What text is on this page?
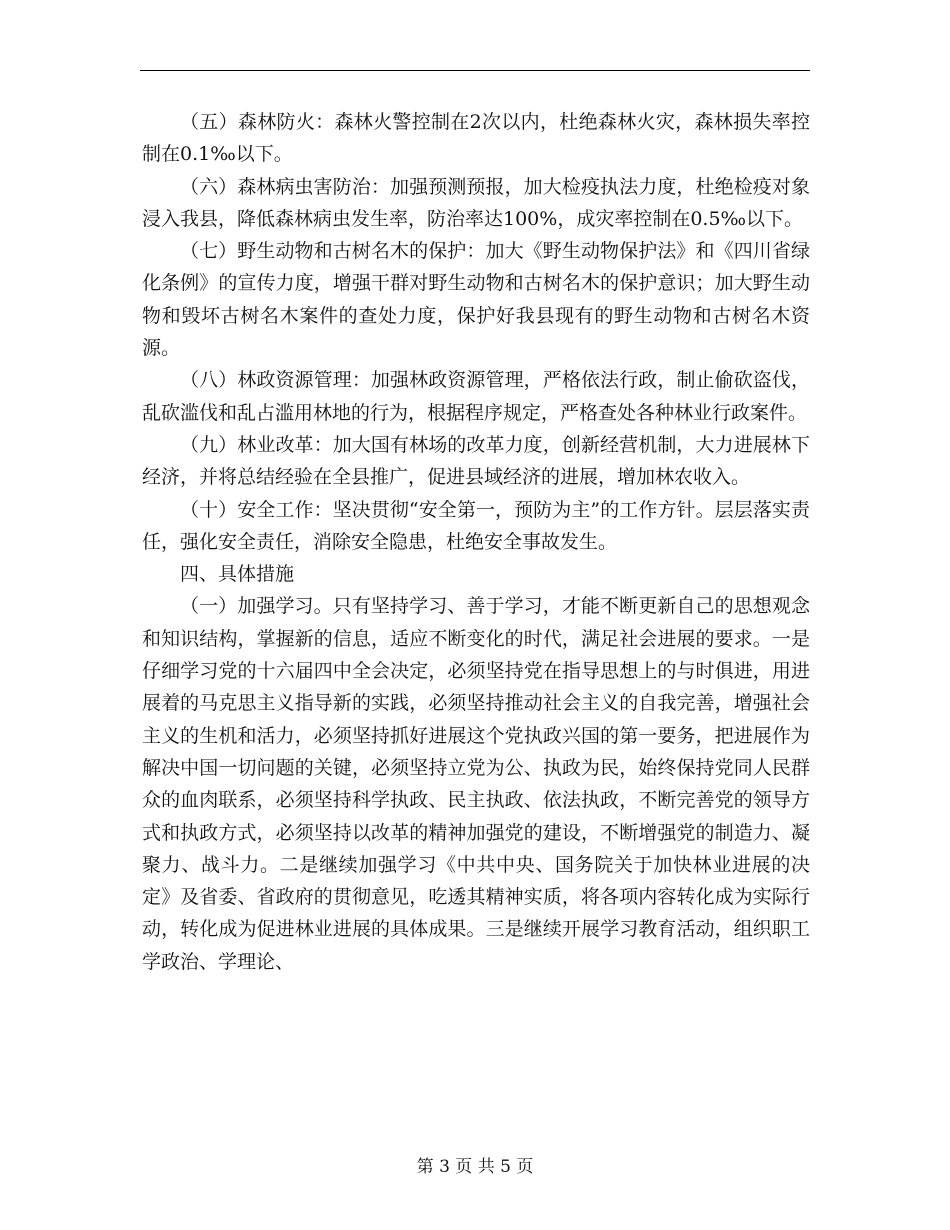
（五）森林防火：森林火警控制在2次以内，杜绝森林火灾，森林损失率控制在0.1‰以下。

（六）森林病虫害防治：加强预测预报，加大检疫执法力度，杜绝检疫对象浸入我县，降低森林病虫发生率，防治率达100%，成灾率控制在0.5‰以下。

（七）野生动物和古树名木的保护：加大《野生动物保护法》和《四川省绿化条例》的宣传力度，增强干群对野生动物和古树名木的保护意识；加大野生动物和毁坏古树名木案件的查处力度，保护好我县现有的野生动物和古树名木资源。

（八）林政资源管理：加强林政资源管理，严格依法行政，制止偷砍盗伐，乱砍滥伐和乱占滥用林地的行为，根据程序规定，严格查处各种林业行政案件。

（九）林业改革：加大国有林场的改革力度，创新经营机制，大力进展林下经济，并将总结经验在全县推广，促进县域经济的进展，增加林农收入。

（十）安全工作：坚决贯彻“安全第一，预防为主”的工作方针。层层落实责任，强化安全责任，消除安全隐患，杜绝安全事故发生。

四、具体措施

（一）加强学习。只有坚持学习、善于学习，才能不断更新自己的思想观念和知识结构，掌握新的信息，适应不断变化的时代，满足社会进展的要求。一是仔细学习党的十六届四中全会决定，必须坚持党在指导思想上的与时俱进，用进展着的马克思主义指导新的实践，必须坚持推动社会主义的自我完善，增强社会主义的生机和活力，必须坚持抓好进展这个党执政兴国的第一要务，把进展作为解决中国一切问题的关键，必须坚持立党为公、执政为民，始终保持党同人民群众的血肉联系，必须坚持科学执政、民主执政、依法执政，不断完善党的领导方式和执政方式，必须坚持以改革的精神加强党的建设，不断增强党的制造力、凝聚力、战斗力。二是继续加强学习《中共中央、国务院关于加快林业进展的决定》及省委、省政府的贯彻意见，吃透其精神实质，将各项内容转化成为实际行动，转化成为促进林业进展的具体成果。三是继续开展学习教育活动，组织职工学政治、学理论、

第 3 页 共 5 页
